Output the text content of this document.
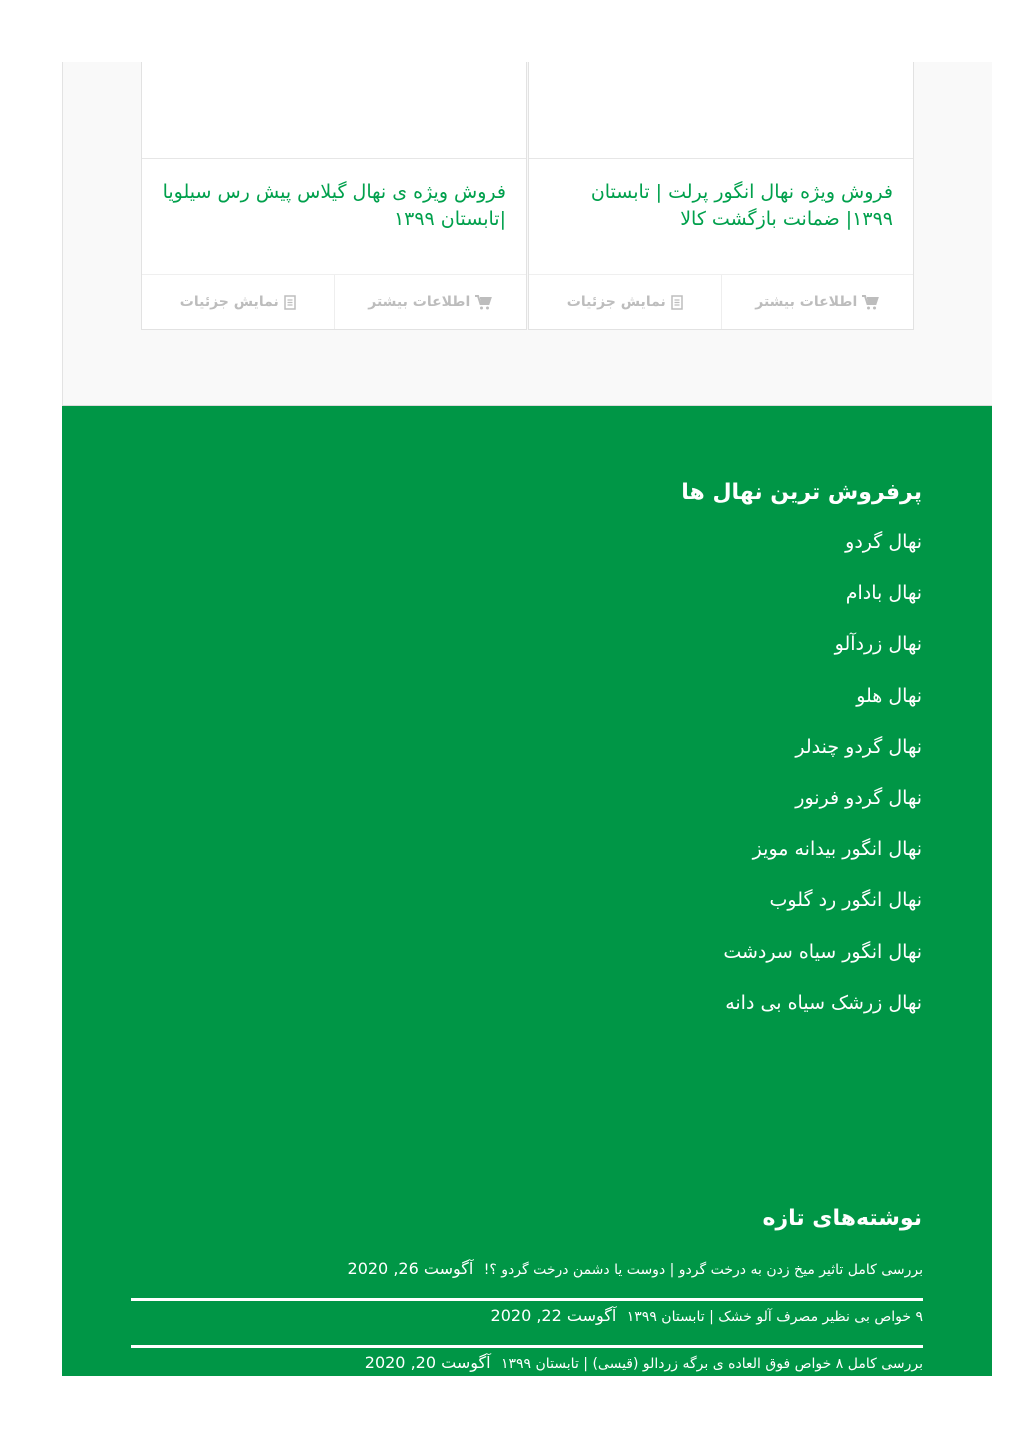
فروش ویژه نهال انگور پرلت | تابستان ۱۳۹۹| ضمانت بازگشت کالا
اطلاعات بیشتر
نمایش جزئیات
فروش ویژه ی نهال گیلاس پیش رس سیلویا |تابستان ۱۳۹۹
اطلاعات بیشتر
نمایش جزئیات
پرفروش ترین نهال ها
نهال گردو
نهال بادام
نهال زردآلو
نهال هلو
نهال گردو چندلر
نهال گردو فرنور
نهال انگور بیدانه مویز
نهال انگور رد گلوب
نهال انگور سیاه سردشت
نهال زرشک سیاه بی دانه
نوشته‌های تازه
بررسی کامل تاثیر میخ زدن به درخت گردو | دوست یا دشمن درخت گردو ؟! آگوست 26, 2020
۹ خواص بی نظیر مصرف آلو خشک | تابستان ۱۳۹۹ آگوست 22, 2020
بررسی کامل ۸ خواص فوق العاده ی برگه زردالو (قیسی) | تابستان ۱۳۹۹ آگوست 20, 2020
